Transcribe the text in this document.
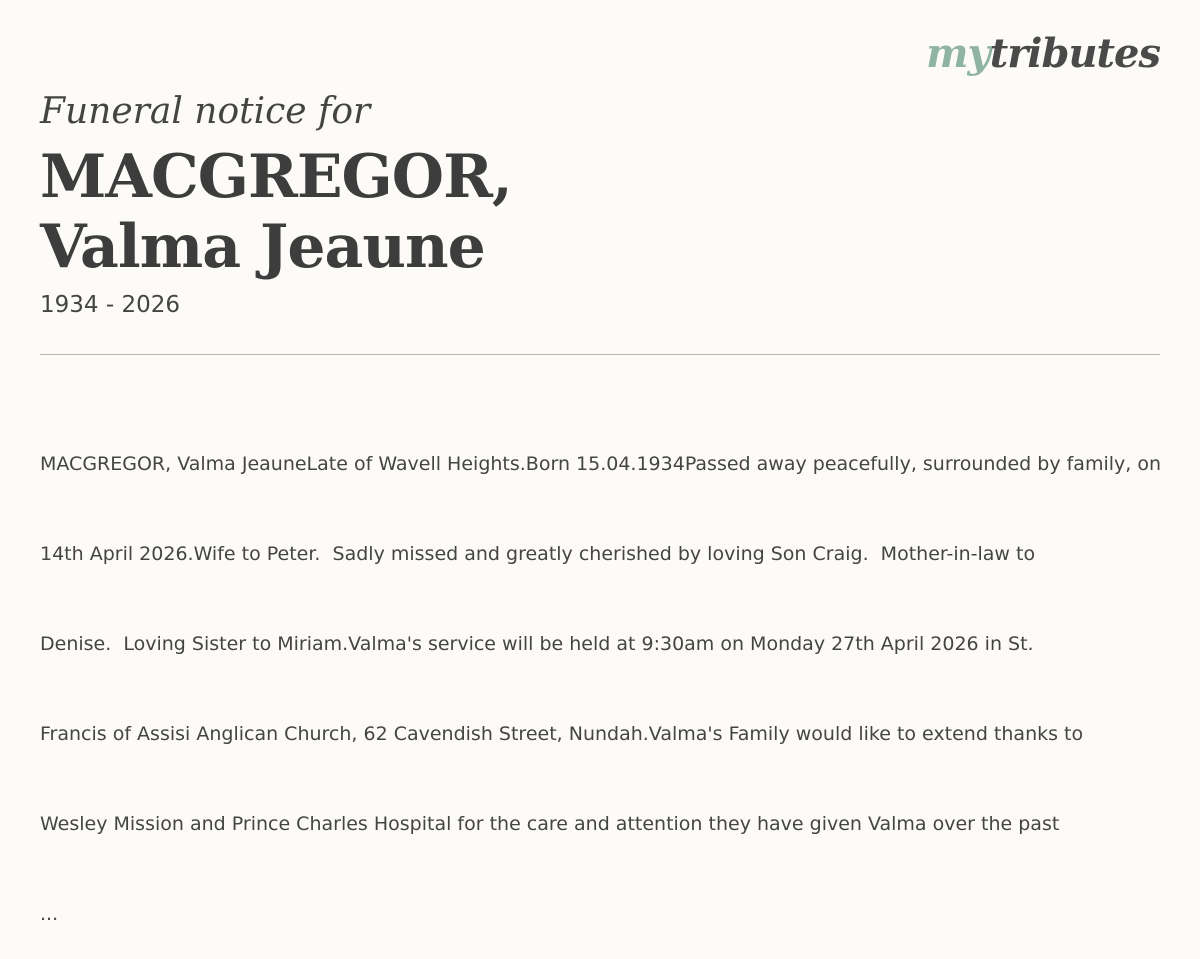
mytributes
Funeral notice for
MACGREGOR,
Valma Jeaune
1934 - 2026

MACGREGOR, Valma JeauneLate of Wavell Heights.Born 15.04.1934Passed away peacefully, surrounded by family, on

14th April 2026.Wife to Peter.  Sadly missed and greatly cherished by loving Son Craig.  Mother-in-law to

Denise.  Loving Sister to Miriam.Valma's service will be held at 9:30am on Monday 27th April 2026 in St.

Francis of Assisi Anglican Church, 62 Cavendish Street, Nundah.Valma's Family would like to extend thanks to

Wesley Mission and Prince Charles Hospital for the care and attention they have given Valma over the past

...
